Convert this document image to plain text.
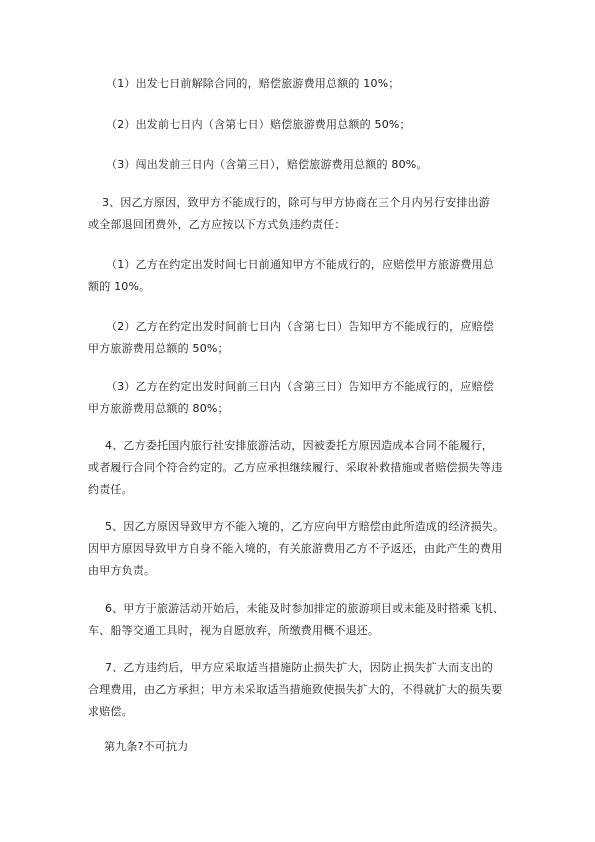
（1）出发七日前解除合同的，赔偿旅游费用总额的 10%；
（2）出发前七日内（含第七日）赔偿旅游费用总额的 50%；
（3）闯出发前三日内（含第三日），赔偿旅游费用总额的 80%。
3、因乙方原因，致甲方不能成行的，除可与甲方协商在三个月内另行安排出游
或全部退回团费外，乙方应按以下方式负违约责任：
（1）乙方在约定出发时间七日前通知甲方不能成行的，应赔偿甲方旅游费用总
额的 10%。
（2）乙方在约定出发时间前七日内（含第七日）告知甲方不能成行的，应赔偿
甲方旅游费用总额的 50%；
（3）乙方在约定出发时间前三日内（含第三日）告知甲方不能成行的，应赔偿
甲方旅游费用总额的 80%；
4、乙方委托国内旅行社安排旅游活动，因被委托方原因造成本合同不能履行，
或者履行合同个符合约定的。乙方应承担继续履行、采取补救措施或者赔偿损失等违
约责任。
5、因乙方原因导致甲方不能入境的，乙方应向甲方赔偿由此所造成的经济损失。
因甲方原因导致甲方自身不能入境的，有关旅游费用乙方不予返还，由此产生的费用
由甲方负责。
6、甲方于旅游活动开始后，未能及时参加排定的旅游项目或未能及时搭乘飞机、
车、船等交通工具时，视为自愿放弃，所缴费用概不退还。
7、乙方违约后，甲方应采取适当措施防止损失扩大，因防止损失扩大而支出的
合理费用，由乙方承担；甲方未采取适当措施致使损失扩大的，不得就扩大的损失要
求赔偿。
第九条?不可抗力
